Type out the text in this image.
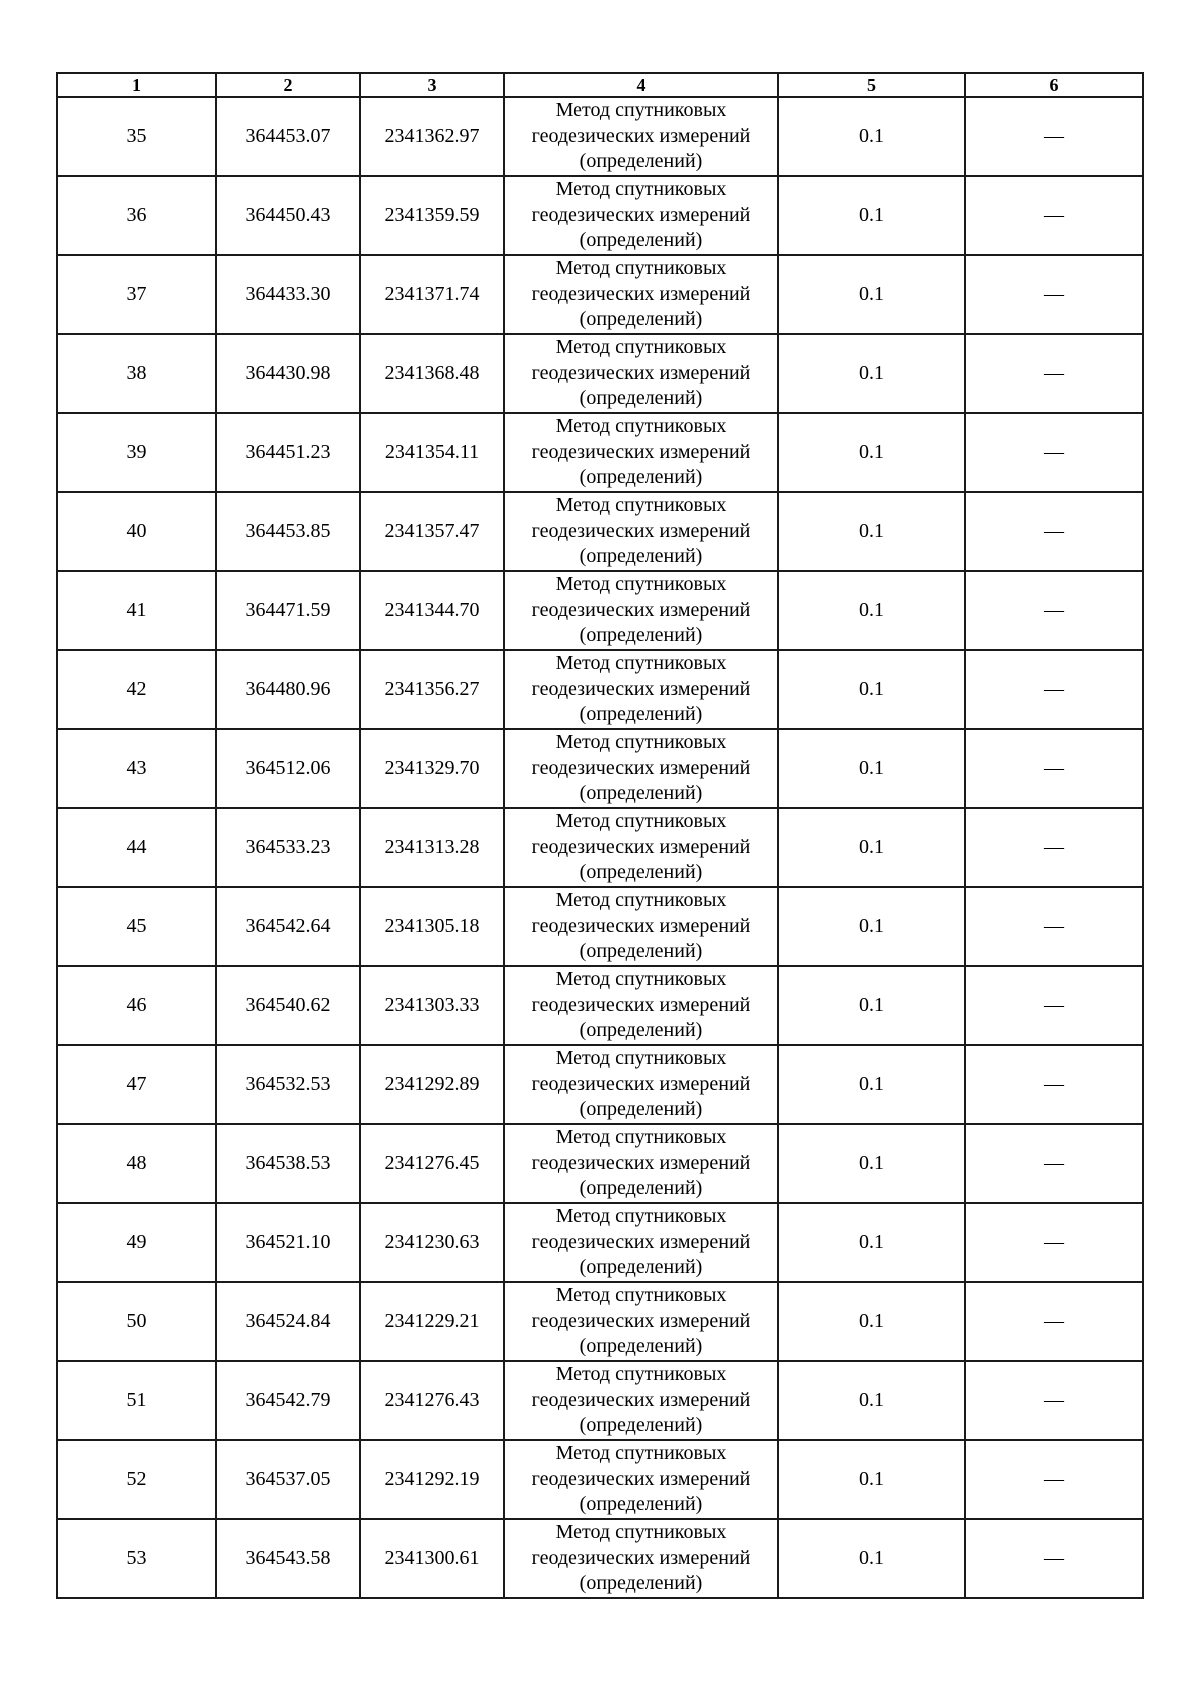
1	2	3	4	5	6
35	364453.07	2341362.97	Метод спутниковых
геодезических измерений
(определений)	0.1	—
36	364450.43	2341359.59	Метод спутниковых
геодезических измерений
(определений)	0.1	—
37	364433.30	2341371.74	Метод спутниковых
геодезических измерений
(определений)	0.1	—
38	364430.98	2341368.48	Метод спутниковых
геодезических измерений
(определений)	0.1	—
39	364451.23	2341354.11	Метод спутниковых
геодезических измерений
(определений)	0.1	—
40	364453.85	2341357.47	Метод спутниковых
геодезических измерений
(определений)	0.1	—
41	364471.59	2341344.70	Метод спутниковых
геодезических измерений
(определений)	0.1	—
42	364480.96	2341356.27	Метод спутниковых
геодезических измерений
(определений)	0.1	—
43	364512.06	2341329.70	Метод спутниковых
геодезических измерений
(определений)	0.1	—
44	364533.23	2341313.28	Метод спутниковых
геодезических измерений
(определений)	0.1	—
45	364542.64	2341305.18	Метод спутниковых
геодезических измерений
(определений)	0.1	—
46	364540.62	2341303.33	Метод спутниковых
геодезических измерений
(определений)	0.1	—
47	364532.53	2341292.89	Метод спутниковых
геодезических измерений
(определений)	0.1	—
48	364538.53	2341276.45	Метод спутниковых
геодезических измерений
(определений)	0.1	—
49	364521.10	2341230.63	Метод спутниковых
геодезических измерений
(определений)	0.1	—
50	364524.84	2341229.21	Метод спутниковых
геодезических измерений
(определений)	0.1	—
51	364542.79	2341276.43	Метод спутниковых
геодезических измерений
(определений)	0.1	—
52	364537.05	2341292.19	Метод спутниковых
геодезических измерений
(определений)	0.1	—
53	364543.58	2341300.61	Метод спутниковых
геодезических измерений
(определений)	0.1	—
